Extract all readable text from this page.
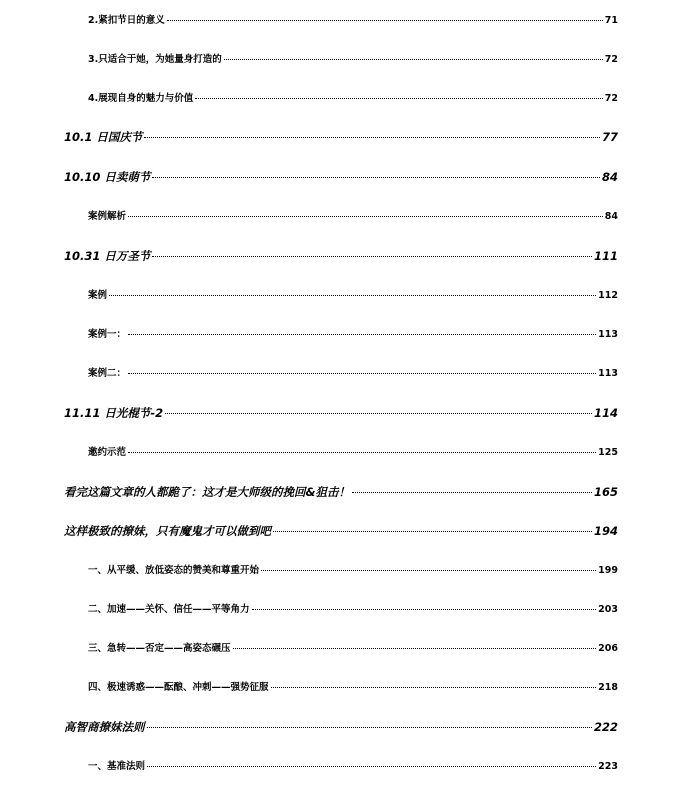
2.紧扣节日的意义	71
3.只适合于她，为她量身打造的	72
4.展现自身的魅力与价值	72
10.1 日国庆节	77
10.10 日卖萌节	84
案例解析	84
10.31 日万圣节	111
案例	112
案例一：	113
案例二：	113
11.11 日光棍节-2	114
邀约示范	125
看完这篇文章的人都跪了：这才是大师级的挽回&狙击！	165
这样极致的撩妹，只有魔鬼才可以做到吧	194
一、从平缓、放低姿态的赞美和尊重开始	199
二、加速——关怀、信任——平等角力	203
三、急转——否定——高姿态碾压	206
四、极速诱惑——酝酿、冲刺——强势征服	218
高智商撩妹法则	222
一、基准法则	223
